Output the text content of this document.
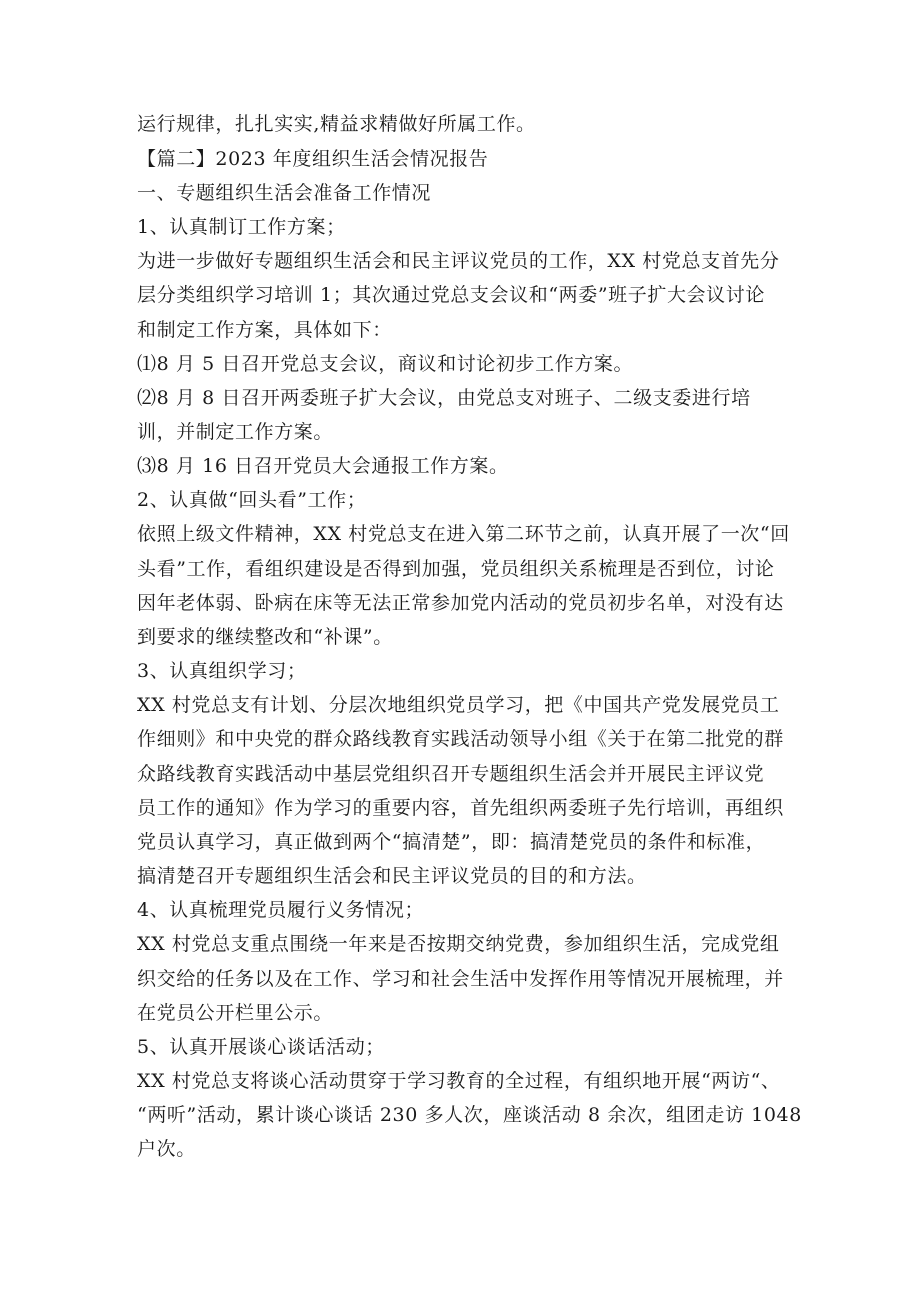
运行规律，扎扎实实,精益求精做好所属工作。
【篇二】2023 年度组织生活会情况报告
一、专题组织生活会准备工作情况
1、认真制订工作方案；
为进一步做好专题组织生活会和民主评议党员的工作，XX 村党总支首先分
层分类组织学习培训 1；其次通过党总支会议和“两委”班子扩大会议讨论
和制定工作方案，具体如下：
⑴8 月 5 日召开党总支会议，商议和讨论初步工作方案。
⑵8 月 8 日召开两委班子扩大会议，由党总支对班子、二级支委进行培
训，并制定工作方案。
⑶8 月 16 日召开党员大会通报工作方案。
2、认真做“回头看”工作；
依照上级文件精神，XX 村党总支在进入第二环节之前，认真开展了一次“回
头看”工作，看组织建设是否得到加强，党员组织关系梳理是否到位，讨论
因年老体弱、卧病在床等无法正常参加党内活动的党员初步名单，对没有达
到要求的继续整改和“补课”。
3、认真组织学习；
XX 村党总支有计划、分层次地组织党员学习，把《中国共产党发展党员工
作细则》和中央党的群众路线教育实践活动领导小组《关于在第二批党的群
众路线教育实践活动中基层党组织召开专题组织生活会并开展民主评议党
员工作的通知》作为学习的重要内容，首先组织两委班子先行培训，再组织
党员认真学习，真正做到两个“搞清楚”，即：搞清楚党员的条件和标准，
搞清楚召开专题组织生活会和民主评议党员的目的和方法。
4、认真梳理党员履行义务情况；
XX 村党总支重点围绕一年来是否按期交纳党费，参加组织生活，完成党组
织交给的任务以及在工作、学习和社会生活中发挥作用等情况开展梳理，并
在党员公开栏里公示。
5、认真开展谈心谈话活动；
XX 村党总支将谈心活动贯穿于学习教育的全过程，有组织地开展“两访“、
“两听”活动，累计谈心谈话 230 多人次，座谈活动 8 余次，组团走访 1048
户次。
